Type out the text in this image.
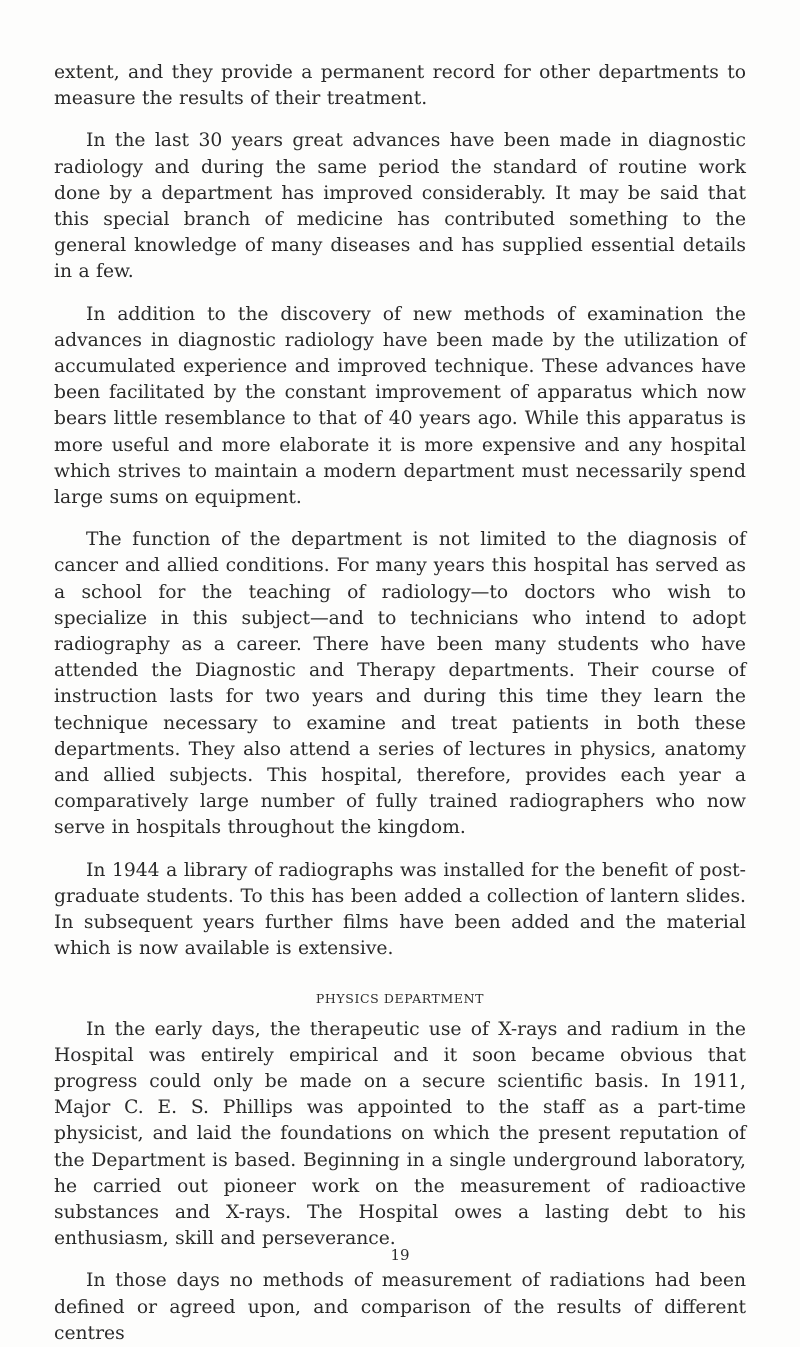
extent, and they provide a permanent record for other departments to measure the results of their treatment.

In the last 30 years great advances have been made in diagnostic radiology and during the same period the standard of routine work done by a department has improved considerably. It may be said that this special branch of medicine has contributed something to the general knowledge of many diseases and has supplied essential details in a few.

In addition to the discovery of new methods of examination the advances in diagnostic radiology have been made by the utilization of accumulated experience and improved technique. These advances have been facilitated by the constant improvement of apparatus which now bears little resemblance to that of 40 years ago. While this apparatus is more useful and more elaborate it is more expensive and any hospital which strives to maintain a modern department must necessarily spend large sums on equipment.

The function of the department is not limited to the diagnosis of cancer and allied conditions. For many years this hospital has served as a school for the teaching of radiology—to doctors who wish to specialize in this subject—and to technicians who intend to adopt radiography as a career. There have been many students who have attended the Diagnostic and Therapy departments. Their course of instruction lasts for two years and during this time they learn the technique necessary to examine and treat patients in both these departments. They also attend a series of lectures in physics, anatomy and allied subjects. This hospital, therefore, provides each year a comparatively large number of fully trained radiographers who now serve in hospitals throughout the kingdom.

In 1944 a library of radiographs was installed for the benefit of postgraduate students. To this has been added a collection of lantern slides. In subsequent years further films have been added and the material which is now available is extensive.

PHYSICS DEPARTMENT

In the early days, the therapeutic use of X-rays and radium in the Hospital was entirely empirical and it soon became obvious that progress could only be made on a secure scientific basis. In 1911, Major C. E. S. Phillips was appointed to the staff as a part-time physicist, and laid the foundations on which the present reputation of the Department is based. Beginning in a single underground laboratory, he carried out pioneer work on the measurement of radioactive substances and X-rays. The Hospital owes a lasting debt to his enthusiasm, skill and perseverance.

In those days no methods of measurement of radiations had been defined or agreed upon, and comparison of the results of different centres

19
